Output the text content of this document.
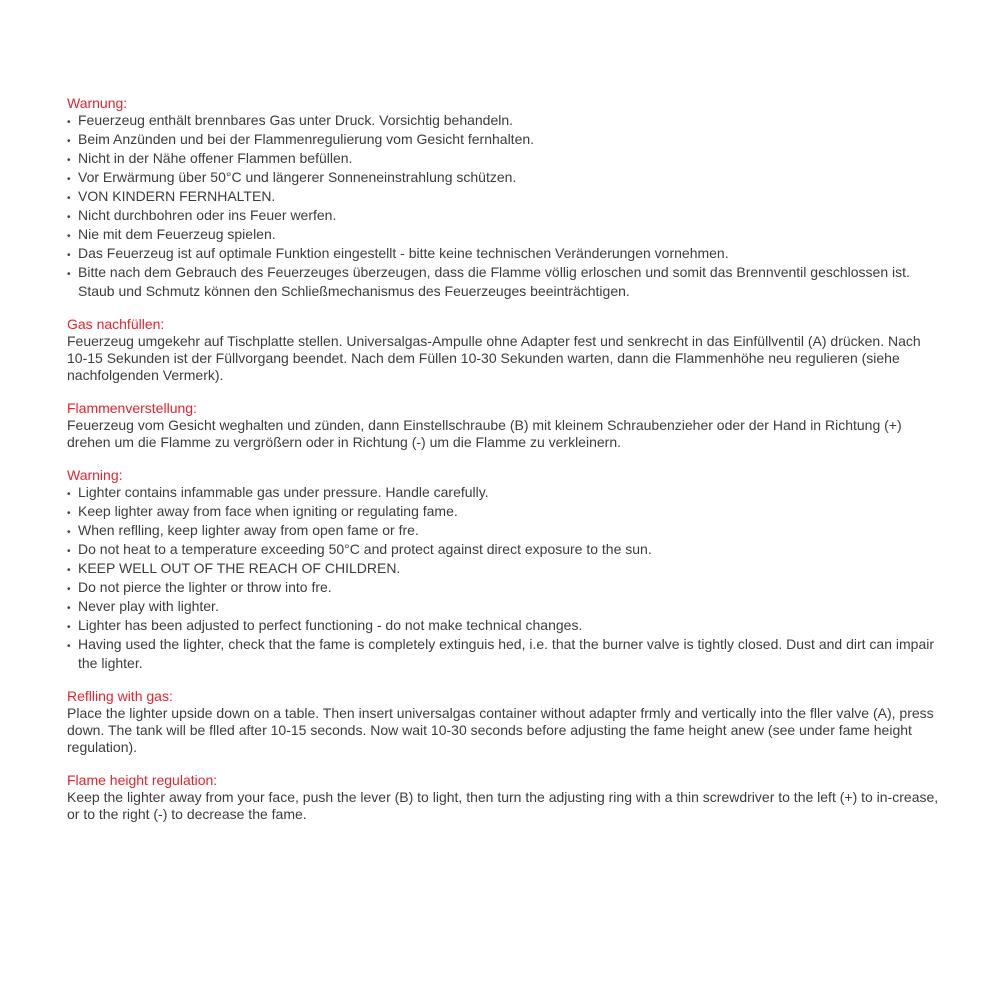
Warnung:
• Feuerzeug enthält brennbares Gas unter Druck. Vorsichtig behandeln.
• Beim Anzünden und bei der Flammenregulierung vom Gesicht fernhalten.
• Nicht in der Nähe offener Flammen befüllen.
• Vor Erwärmung über 50°C und längerer Sonneneinstrahlung schützen.
• VON KINDERN FERNHALTEN.
• Nicht durchbohren oder ins Feuer werfen.
• Nie mit dem Feuerzeug spielen.
• Das Feuerzeug ist auf optimale Funktion eingestellt - bitte keine technischen Veränderungen vornehmen.
• Bitte nach dem Gebrauch des Feuerzeuges überzeugen, dass die Flamme völlig erloschen und somit das Brennventil geschlossen ist. Staub und Schmutz können den Schließmechanismus des Feuerzeuges beeinträchtigen.
Gas nachfüllen:

Feuerzeug umgekehr auf Tischplatte stellen. Universalgas-Ampulle ohne Adapter fest und senkrecht in das Einfüllventil (A) drücken. Nach 10-15 Sekunden ist der Füllvorgang beendet. Nach dem Füllen 10-30 Sekunden warten, dann die Flammenhöhe neu regulieren (siehe nachfolgenden Vermerk).

Flammenverstellung:

Feuerzeug vom Gesicht weghalten und zünden, dann Einstellschraube (B) mit kleinem Schraubenzieher oder der Hand in Richtung (+) drehen um die Flamme zu vergrößern oder in Richtung (-) um die Flamme zu verkleinern.

Warning:
• Lighter contains infammable gas under pressure. Handle carefully.
• Keep lighter away from face when igniting or regulating fame.
• When reflling, keep lighter away from open fame or fre.
• Do not heat to a temperature exceeding 50°C and protect against direct exposure to the sun.
• KEEP WELL OUT OF THE REACH OF CHILDREN.
• Do not pierce the lighter or throw into fre.
• Never play with lighter.
• Lighter has been adjusted to perfect functioning - do not make technical changes.
• Having used the lighter, check that the fame is completely extinguis hed, i.e. that the burner valve is tightly closed. Dust and dirt can impair the lighter.
Reflling with gas:

Place the lighter upside down on a table. Then insert universalgas container without adapter frmly and vertically into the fller valve (A), press down. The tank will be flled after 10-15 seconds. Now wait 10-30 seconds before adjusting the fame height anew (see under fame height regulation).

Flame height regulation:

Keep the lighter away from your face, push the lever (B) to light, then turn the adjusting ring with a thin screwdriver to the left (+) to in-crease, or to the right (-) to decrease the fame.
